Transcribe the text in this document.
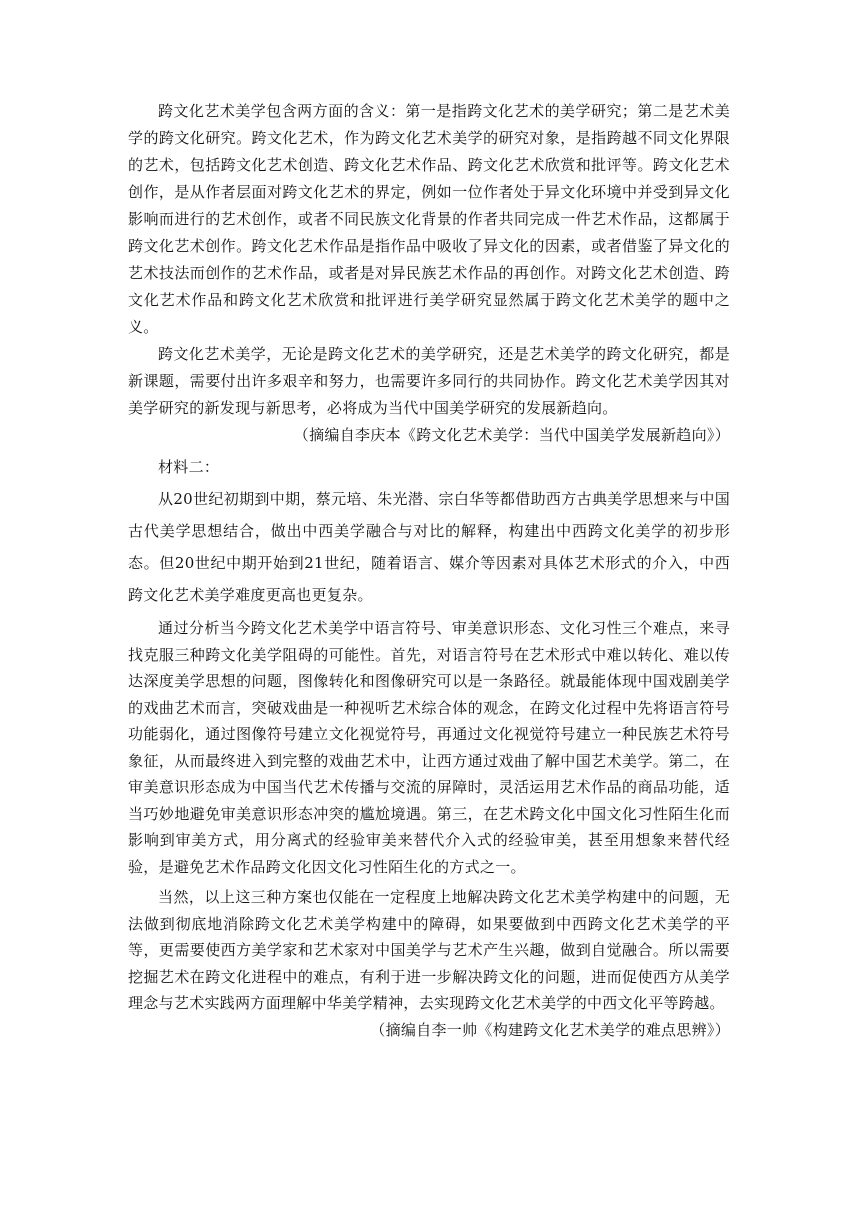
跨文化艺术美学包含两方面的含义：第一是指跨文化艺术的美学研究；第二是艺术美学的跨文化研究。跨文化艺术，作为跨文化艺术美学的研究对象，是指跨越不同文化界限的艺术，包括跨文化艺术创造、跨文化艺术作品、跨文化艺术欣赏和批评等。跨文化艺术创作，是从作者层面对跨文化艺术的界定，例如一位作者处于异文化环境中并受到异文化影响而进行的艺术创作，或者不同民族文化背景的作者共同完成一件艺术作品，这都属于跨文化艺术创作。跨文化艺术作品是指作品中吸收了异文化的因素，或者借鉴了异文化的艺术技法而创作的艺术作品，或者是对异民族艺术作品的再创作。对跨文化艺术创造、跨文化艺术作品和跨文化艺术欣赏和批评进行美学研究显然属于跨文化艺术美学的题中之义。

跨文化艺术美学，无论是跨文化艺术的美学研究，还是艺术美学的跨文化研究，都是新课题，需要付出许多艰辛和努力，也需要许多同行的共同协作。跨文化艺术美学因其对美学研究的新发现与新思考，必将成为当代中国美学研究的发展新趋向。

（摘编自李庆本《跨文化艺术美学：当代中国美学发展新趋向》）

材料二：

从20世纪初期到中期，蔡元培、朱光潜、宗白华等都借助西方古典美学思想来与中国古代美学思想结合，做出中西美学融合与对比的解释，构建出中西跨文化美学的初步形态。但20世纪中期开始到21世纪，随着语言、媒介等因素对具体艺术形式的介入，中西跨文化艺术美学难度更高也更复杂。

通过分析当今跨文化艺术美学中语言符号、审美意识形态、文化习性三个难点，来寻找克服三种跨文化美学阻碍的可能性。首先，对语言符号在艺术形式中难以转化、难以传达深度美学思想的问题，图像转化和图像研究可以是一条路径。就最能体现中国戏剧美学的戏曲艺术而言，突破戏曲是一种视听艺术综合体的观念，在跨文化过程中先将语言符号功能弱化，通过图像符号建立文化视觉符号，再通过文化视觉符号建立一种民族艺术符号象征，从而最终进入到完整的戏曲艺术中，让西方通过戏曲了解中国艺术美学。第二，在审美意识形态成为中国当代艺术传播与交流的屏障时，灵活运用艺术作品的商品功能，适当巧妙地避免审美意识形态冲突的尴尬境遇。第三，在艺术跨文化中国文化习性陌生化而影响到审美方式，用分离式的经验审美来替代介入式的经验审美，甚至用想象来替代经验，是避免艺术作品跨文化因文化习性陌生化的方式之一。

当然，以上这三种方案也仅能在一定程度上地解决跨文化艺术美学构建中的问题，无法做到彻底地消除跨文化艺术美学构建中的障碍，如果要做到中西跨文化艺术美学的平等，更需要使西方美学家和艺术家对中国美学与艺术产生兴趣，做到自觉融合。所以需要挖掘艺术在跨文化进程中的难点，有利于进一步解决跨文化的问题，进而促使西方从美学理念与艺术实践两方面理解中华美学精神，去实现跨文化艺术美学的中西文化平等跨越。

（摘编自李一帅《构建跨文化艺术美学的难点思辨》）
